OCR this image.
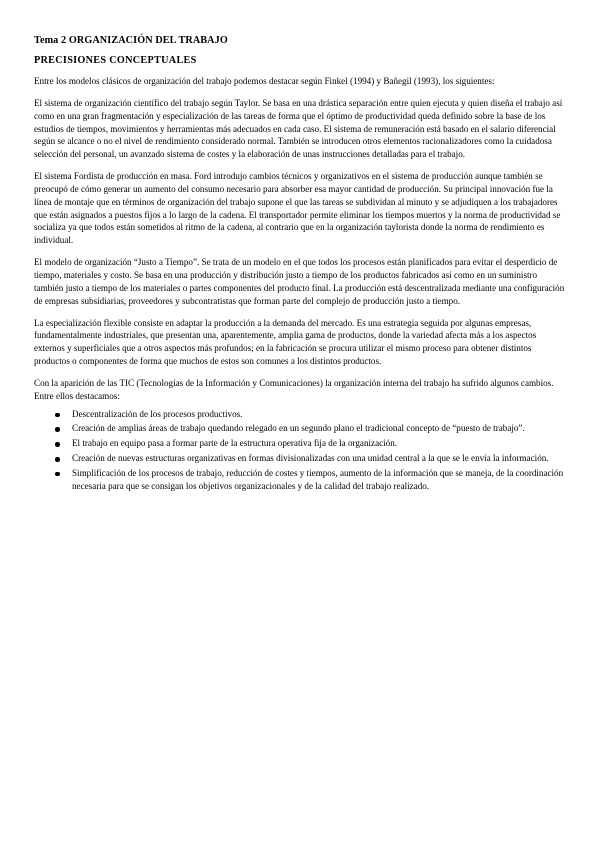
Tema 2 ORGANIZACIÓN DEL TRABAJO
PRECISIONES CONCEPTUALES

Entre los modelos clásicos de organización del trabajo podemos destacar según Finkel (1994) y Bañegil (1993), los siguientes:

El sistema de organización científico del trabajo según Taylor. Se basa en una drástica separación entre quien ejecuta y quien diseña el trabajo así como en una gran fragmentación y especialización de las tareas de forma que el óptimo de productividad queda definido sobre la base de los estudios de tiempos, movimientos y herramientas más adecuados en cada caso. El sistema de remuneración está basado en el salario diferencial según se alcance o no el nivel de rendimiento considerado normal. También se introducen otros elementos racionalizadores como la cuidadosa selección del personal, un avanzado sistema de costes y la elaboración de unas instrucciones detalladas para el trabajo.

El sistema Fordista de producción en masa. Ford introdujo cambios técnicos y organizativos en el sistema de producción aunque también se preocupó de cómo generar un aumento del consumo necesario para absorber esa mayor cantidad de producción. Su principal innovación fue la línea de montaje que en términos de organización del trabajo supone el que las tareas se subdividan al minuto y se adjudiquen a los trabajadores que están asignados a puestos fijos a lo largo de la cadena. El transportador permite eliminar los tiempos muertos y la norma de productividad se socializa ya que todos están sometidos al ritmo de la cadena, al contrario que en la organización taylorista donde la norma de rendimiento es individual.

El modelo de organización “Justo a Tiempo”. Se trata de un modelo en el que todos los procesos están planificados para evitar el desperdicio de tiempo, materiales y costo. Se basa en una producción y distribución justo a tiempo de los productos fabricados así como en un suministro también justo a tiempo de los materiales o partes componentes del producto final. La producción está descentralizada mediante una configuración de empresas subsidiarias, proveedores y subcontratistas que forman parte del complejo de producción justo a tiempo.

La especialización flexible consiste en adaptar la producción a la demanda del mercado. Es una estrategia seguida por algunas empresas, fundamentalmente industriales, que presentan una, aparentemente, amplia gama de productos, donde la variedad afecta más a los aspectos externos y superficiales que a otros aspectos más profundos; en la fabricación se procura utilizar el mismo proceso para obtener distintos productos o componentes de forma que muchos de estos son comunes a los distintos productos.

Con la aparición de las TIC (Tecnologías de la Información y Comunicaciones) la organización interna del trabajo ha sufrido algunos cambios. Entre ellos destacamos:

Descentralización de los procesos productivos.
Creación de amplias áreas de trabajo quedando relegado en un segundo plano el tradicional concepto de “puesto de trabajo”.
El trabajo en equipo pasa a formar parte de la estructura operativa fija de la organización.
Creación de nuevas estructuras organizativas en formas divisionalizadas con una unidad central a la que se le envía la información.
Simplificación de los procesos de trabajo, reducción de costes y tiempos, aumento de la información que se maneja, de la coordinación necesaria para que se consigan los objetivos organizacionales y de la calidad del trabajo realizado.
